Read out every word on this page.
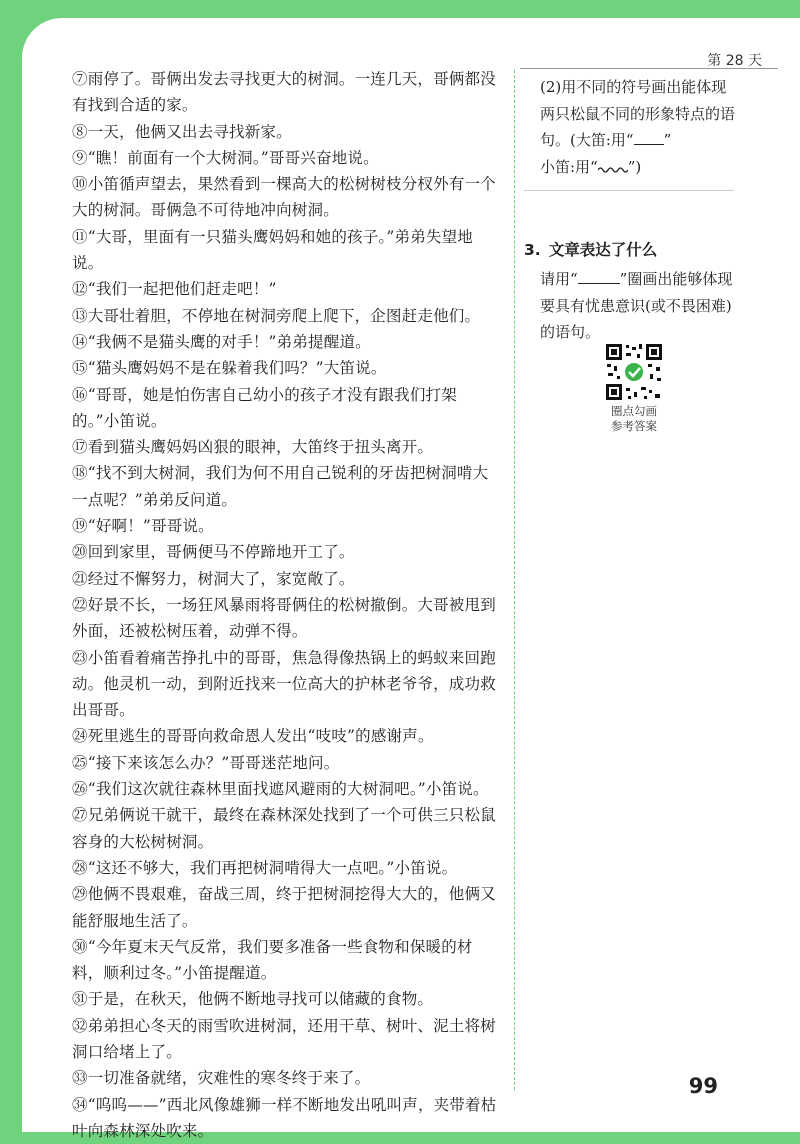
第 28 天

⑦雨停了。哥俩出发去寻找更大的树洞。一连几天，哥俩都没有找到合适的家。

⑧一天，他俩又出去寻找新家。

⑨“瞧！前面有一个大树洞。”哥哥兴奋地说。

⑩小笛循声望去，果然看到一棵高大的松树树枝分杈外有一个大的树洞。哥俩急不可待地冲向树洞。

⑪“大哥，里面有一只猫头鹰妈妈和她的孩子。”弟弟失望地说。

⑫“我们一起把他们赶走吧！”

⑬大哥壮着胆，不停地在树洞旁爬上爬下，企图赶走他们。

⑭“我俩不是猫头鹰的对手！”弟弟提醒道。

⑮“猫头鹰妈妈不是在躲着我们吗？”大笛说。

⑯“哥哥，她是怕伤害自己幼小的孩子才没有跟我们打架的。”小笛说。

⑰看到猫头鹰妈妈凶狠的眼神，大笛终于扭头离开。

⑱“找不到大树洞，我们为何不用自己锐利的牙齿把树洞啃大一点呢？”弟弟反问道。

⑲“好啊！”哥哥说。

⑳回到家里，哥俩便马不停蹄地开工了。

㉑经过不懈努力，树洞大了，家宽敞了。

㉒好景不长，一场狂风暴雨将哥俩住的松树撤倒。大哥被甩到外面，还被松树压着，动弹不得。

㉓小笛看着痛苦挣扎中的哥哥，焦急得像热锅上的蚂蚁来回跑动。他灵机一动，到附近找来一位高大的护林老爷爷，成功救出哥哥。

㉔死里逃生的哥哥向救命恩人发出“吱吱”的感谢声。

㉕“接下来该怎么办？”哥哥迷茫地问。

㉖“我们这次就往森林里面找遮风避雨的大树洞吧。”小笛说。

㉗兄弟俩说干就干，最终在森林深处找到了一个可供三只松鼠容身的大松树树洞。

㉘“这还不够大，我们再把树洞啃得大一点吧。”小笛说。

㉙他俩不畏艰难，奋战三周，终于把树洞挖得大大的，他俩又能舒服地生活了。

㉚“今年夏末天气反常，我们要多准备一些食物和保暖的材料，顺利过冬。”小笛提醒道。

㉛于是，在秋天，他俩不断地寻找可以储藏的食物。

㉜弟弟担心冬天的雨雪吹进树洞，还用干草、树叶、泥土将树洞口给堵上了。

㉝一切准备就绪，灾难性的寒冬终于来了。

㉞“呜呜——”西北风像雄狮一样不断地发出吼叫声，夹带着枯叶向森林深处吹来。

(2)用不同的符号画出能体现两只松鼠不同的形象特点的语句。(大笛:用“ ”

小笛:用“ ”)

3. 文章表达了什么

请用“	”圈画出能够体现要具有忧患意识(或不畏困难)的语句。

圈点勾画
参考答案
99
